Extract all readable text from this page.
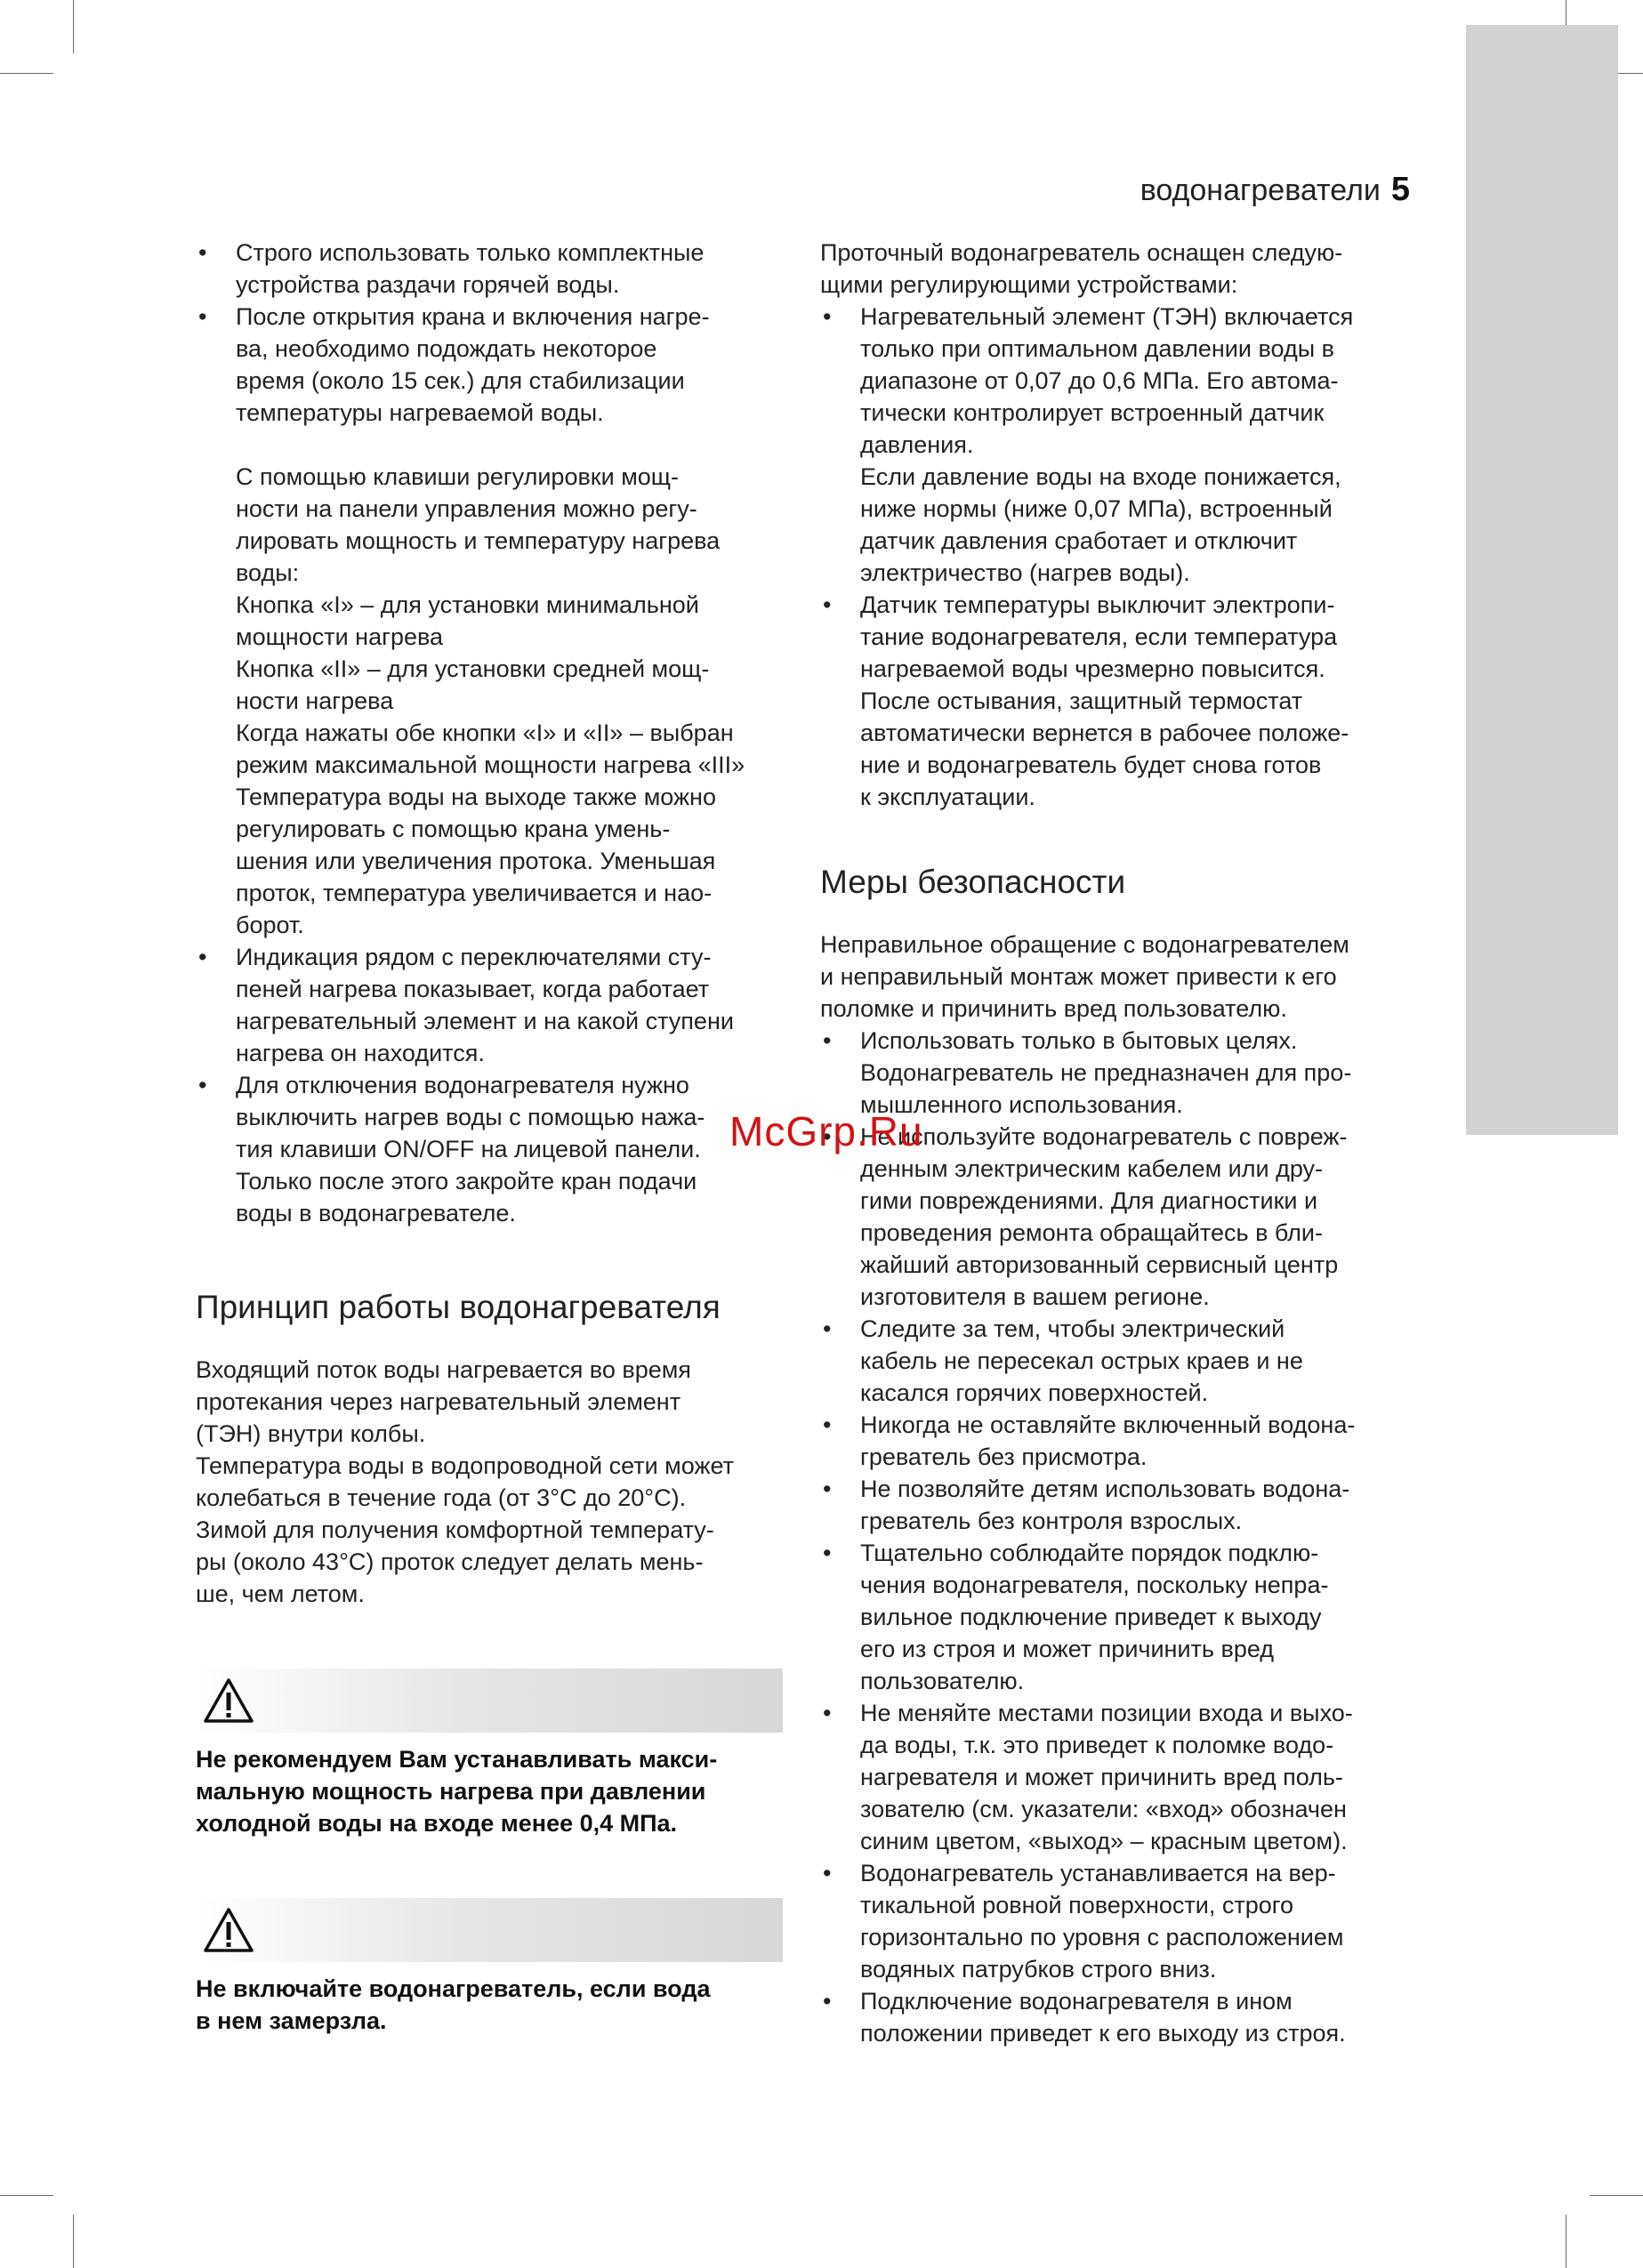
водонагреватели 5
• Строго использовать только комплектные
устройства раздачи горячей воды.
• После открытия крана и включения нагре-
ва, необходимо подождать некоторое
время (около 15 сек.) для стабилизации
температуры нагреваемой воды.
С помощью клавиши регулировки мощ-
ности на панели управления можно регу-
лировать мощность и температуру нагрева
воды:
Кнопка «I» – для установки минимальной
мощности нагрева
Кнопка «II» – для установки средней мощ-
ности нагрева
Когда нажаты обе кнопки «I» и «II» – выбран
режим максимальной мощности нагрева «III»
Температура воды на выходе также можно
регулировать с помощью крана умень-
шения или увеличения протока. Уменьшая
проток, температура увеличивается и нао-
борот.
• Индикация рядом с переключателями сту-
пеней нагрева показывает, когда работает
нагревательный элемент и на какой ступени
нагрева он находится.
• Для отключения водонагревателя нужно
выключить нагрев воды с помощью нажа-
тия клавиши ON/OFF на лицевой панели.
Только после этого закройте кран подачи
воды в водонагревателе.
Принцип работы водонагревателя
Входящий поток воды нагревается во время
протекания через нагревательный элемент
(ТЭН) внутри колбы.
Температура воды в водопроводной сети может
колебаться в течение года (от 3°С до 20°С).
Зимой для получения комфортной температу-
ры (около 43°С) проток следует делать мень-
ше, чем летом.
Не рекомендуем Вам устанавливать макси-
мальную мощность нагрева при давлении
холодной воды на входе менее 0,4 МПа.
Не включайте водонагреватель, если вода
в нем замерзла.
Проточный водонагреватель оснащен следую-
щими регулирующими устройствами:
• Нагревательный элемент (ТЭН) включается
только при оптимальном давлении воды в
диапазоне от 0,07 до 0,6 МПа. Его автома-
тически контролирует встроенный датчик
давления.
Если давление воды на входе понижается,
ниже нормы (ниже 0,07 МПа), встроенный
датчик давления сработает и отключит
электричество (нагрев воды).
• Датчик температуры выключит электропи-
тание водонагревателя, если температура
нагреваемой воды чрезмерно повысится.
После остывания, защитный термостат
автоматически вернется в рабочее положе-
ние и водонагреватель будет снова готов
к эксплуатации.
Меры безопасности
Неправильное обращение с водонагревателем
и неправильный монтаж может привести к его
поломке и причинить вред пользователю.
• Использовать только в бытовых целях.
Водонагреватель не предназначен для про-
мышленного использования.
• Не используйте водонагреватель с повреж-
денным электрическим кабелем или дру-
гими повреждениями. Для диагностики и
проведения ремонта обращайтесь в бли-
жайший авторизованный сервисный центр
изготовителя в вашем регионе.
• Следите за тем, чтобы электрический
кабель не пересекал острых краев и не
касался горячих поверхностей.
• Никогда не оставляйте включенный водона-
греватель без присмотра.
• Не позволяйте детям использовать водона-
греватель без контроля взрослых.
• Тщательно соблюдайте порядок подклю-
чения водонагревателя, поскольку непра-
вильное подключение приведет к выходу
его из строя и может причинить вред
пользователю.
• Не меняйте местами позиции входа и выхо-
да воды, т.к. это приведет к поломке водо-
нагревателя и может причинить вред поль-
зователю (см. указатели: «вход» обозначен
синим цветом, «выход» – красным цветом).
• Водонагреватель устанавливается на вер-
тикальной ровной поверхности, строго
горизонтально по уровня с расположением
водяных патрубков строго вниз.
• Подключение водонагревателя в ином
положении приведет к его выходу из строя.
McGrp.Ru
